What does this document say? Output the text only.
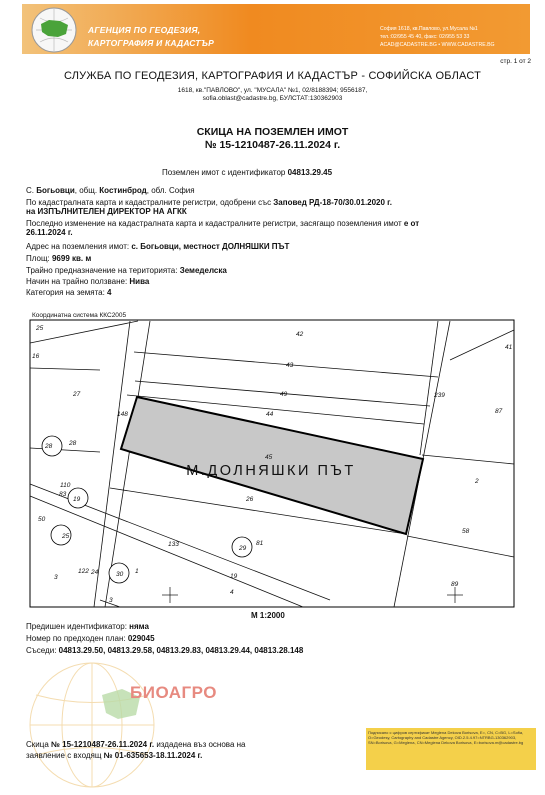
АГЕНЦИЯ ПО ГЕОДЕЗИЯ,
КАРТОГРАФИЯ И КАДАСТЪР
София 1618, кв.Павлово, ул.Мусала №1
тел.:02/955 45 40, факс: 02/955 53 33
ACAD@CADASTRE.BG • WWW.CADASTRE.BG
стр. 1 от 2
СЛУЖБА ПО ГЕОДЕЗИЯ, КАРТОГРАФИЯ И КАДАСТЪР - СОФИЙСКА ОБЛАСТ
1618, кв."ПАВЛОВО", ул. "МУСАЛА" №1, 02/8188394; 9556187,
sofia.oblast@cadastre.bg, БУЛСТАТ:130362903
СКИЦА НА ПОЗЕМЛЕН ИМОТ
№ 15-1210487-26.11.2024 г.
Поземлен имот с идентификатор 04813.29.45
С. Богьовци, общ. Костинброд, обл. София
По кадастралната карта и кадастралните регистри, одобрени със Заповед РД-18-70/30.01.2020 г.
на ИЗПЪЛНИТЕЛЕН ДИРЕКТОР НА АГКК
Последно изменение на кадастралната карта и кадастралните регистри, засягащо поземления имот е от
26.11.2024 г.
Адрес на поземления имот: с. Богьовци, местност ДОЛНЯШКИ ПЪТ
Площ: 9699 кв. м
Трайно предназначение на територията: Земеделска
Начин на трайно ползване: Нива
Категория на земята: 4
Координатна система ККС2005
25
42
16
41
43
27	49
148	44
239
87
28	28
45
110
83
19	26
50
2
25
58
133
29
81
30 1
3
122 24
19
4
89
3
М.ДОЛНЯШКИ ПЪТ
М 1:2000
Предишен идентификатор: няма
Номер по предходен план: 029045
Съседи: 04813.29.50, 04813.29.58, 04813.29.83, 04813.29.44, 04813.28.148
БИОАГРО
Скица № 15-1210487-26.11.2024 г. издадена въз основа на
заявление с входящ № 01-635653-18.11.2024 г.
Подписано с цифров сертификат Meglena Dekova Borisova, E=, CN, C=BG, L=Sofia, O=Geodesy, Cartography and Cadastre Agency, OID.2.5.4.97=NTRBG-130362903, SN=Borisova, G=Meglena, CN=Meglena Dekova Borisova, E=borisova.m@cadastre.bg
